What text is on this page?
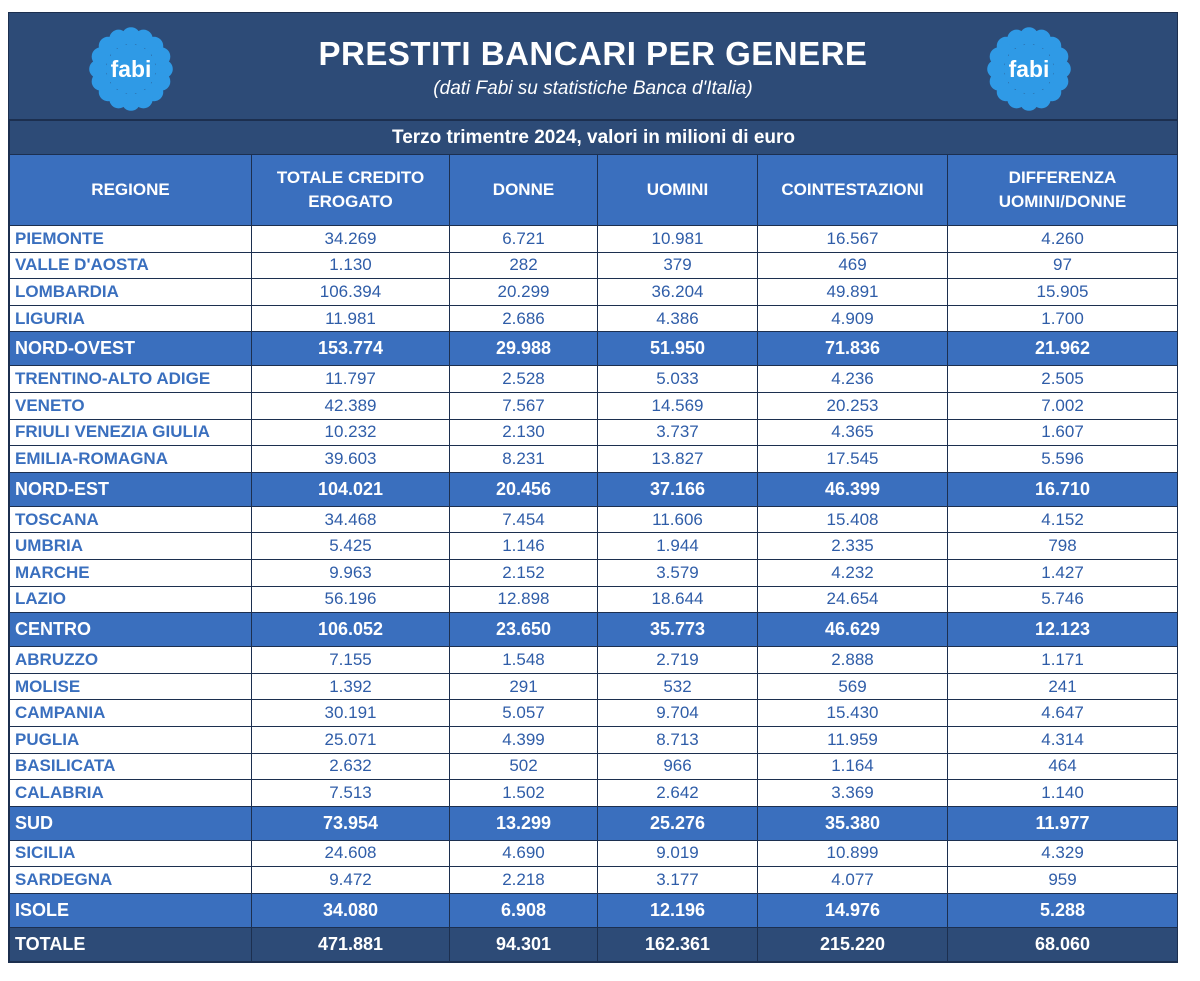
fabi	PRESTITI BANCARI PER GENERE
(dati Fabi su statistiche Banca d'Italia)
fabi
Terzo trimentre 2024, valori in milioni di euro					
REGIONE	TOTALE CREDITO EROGATO	DONNE	UOMINI	COINTESTAZIONI	DIFFERENZA UOMINI/DONNE
PIEMONTE	34.269	6.721	10.981	16.567	4.260
VALLE D'AOSTA	1.130	282	379	469	97
LOMBARDIA	106.394	20.299	36.204	49.891	15.905
LIGURIA	11.981	2.686	4.386	4.909	1.700
NORD-OVEST	153.774	29.988	51.950	71.836	21.962
TRENTINO-ALTO ADIGE	11.797	2.528	5.033	4.236	2.505
VENETO	42.389	7.567	14.569	20.253	7.002
FRIULI VENEZIA GIULIA	10.232	2.130	3.737	4.365	1.607
EMILIA-ROMAGNA	39.603	8.231	13.827	17.545	5.596
NORD-EST	104.021	20.456	37.166	46.399	16.710
TOSCANA	34.468	7.454	11.606	15.408	4.152
UMBRIA	5.425	1.146	1.944	2.335	798
MARCHE	9.963	2.152	3.579	4.232	1.427
LAZIO	56.196	12.898	18.644	24.654	5.746
CENTRO	106.052	23.650	35.773	46.629	12.123
ABRUZZO	7.155	1.548	2.719	2.888	1.171
MOLISE	1.392	291	532	569	241
CAMPANIA	30.191	5.057	9.704	15.430	4.647
PUGLIA	25.071	4.399	8.713	11.959	4.314
BASILICATA	2.632	502	966	1.164	464
CALABRIA	7.513	1.502	2.642	3.369	1.140
SUD	73.954	13.299	25.276	35.380	11.977
SICILIA	24.608	4.690	9.019	10.899	4.329
SARDEGNA	9.472	2.218	3.177	4.077	959
ISOLE	34.080	6.908	12.196	14.976	5.288
TOTALE	471.881	94.301	162.361	215.220	68.060
